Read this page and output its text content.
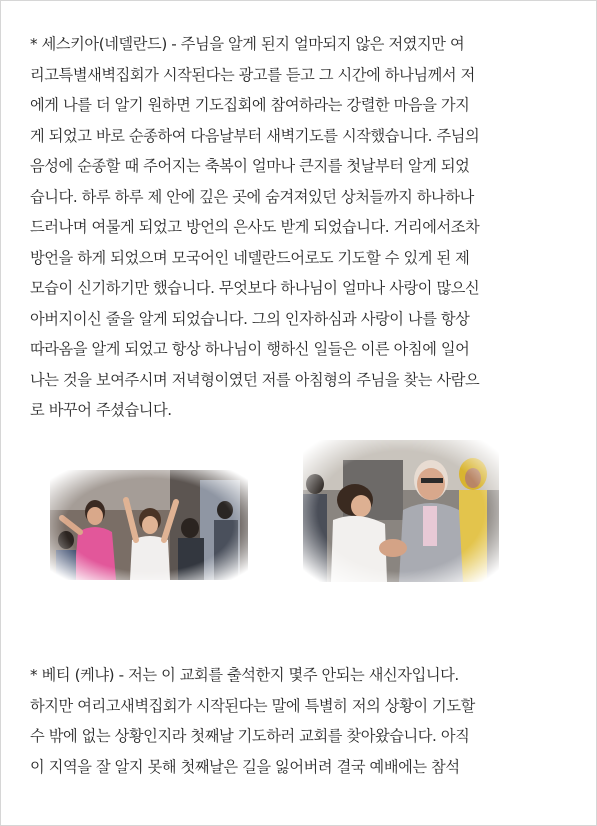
* 세스키아(네델란드) - 주님을 알게 된지 얼마되지 않은 저였지만 여
리고특별새벽집회가 시작된다는 광고를 듣고 그 시간에 하나님께서 저
에게 나를 더 알기 원하면 기도집회에 참여하라는 강렬한 마음을 가지
게 되었고 바로 순종하여 다음날부터 새벽기도를 시작했습니다. 주님의
음성에 순종할 때 주어지는 축복이 얼마나 큰지를 첫날부터 알게 되었
습니다. 하루 하루 제 안에 깊은 곳에 숨겨져있던 상처들까지 하나하나
드러나며 여물게 되었고 방언의 은사도 받게 되었습니다. 거리에서조차
방언을 하게 되었으며 모국어인 네델란드어로도 기도할 수 있게 된 제
모습이 신기하기만 했습니다. 무엇보다 하나님이 얼마나 사랑이 많으신
아버지이신 줄을 알게 되었습니다. 그의 인자하심과 사랑이 나를 항상
따라옴을 알게 되었고 항상 하나님이 행하신 일들은 이른 아침에 일어
나는 것을 보여주시며 저녁형이였던 저를 아침형의 주님을 찾는 사람으
로 바꾸어 주셨습니다.
* 베티 (케냐) - 저는 이 교회를 출석한지 몇주 안되는 새신자입니다.
하지만 여리고새벽집회가 시작된다는 말에 특별히 저의 상황이 기도할
수 밖에 없는 상황인지라 첫째날 기도하러 교회를 찾아왔습니다. 아직
이 지역을 잘 알지 못해 첫째날은 길을 잃어버려 결국 예배에는 참석
